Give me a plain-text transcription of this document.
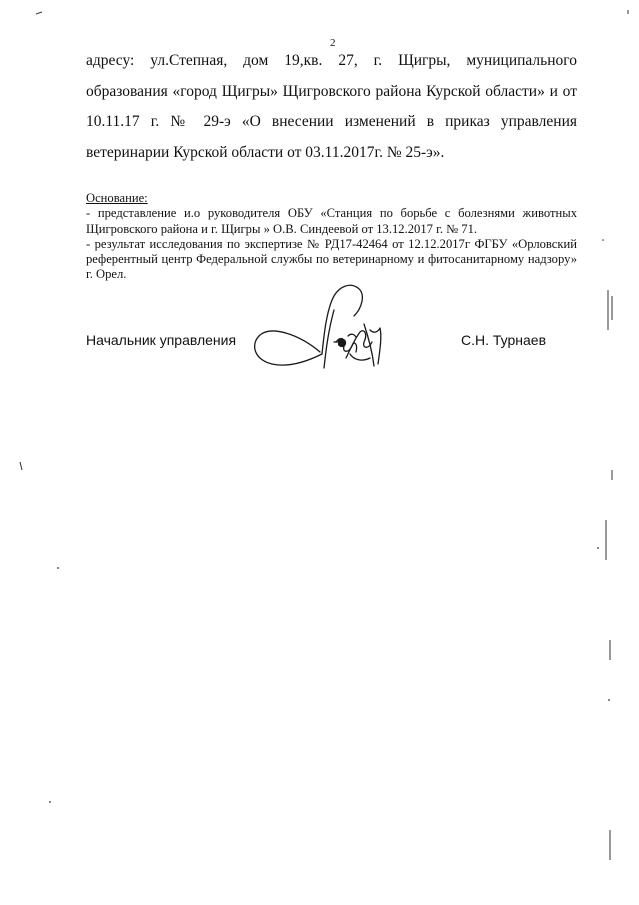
2
адресу: ул.Степная, дом 19,кв. 27, г. Щигры, муниципального образования «город Щигры» Щигровского района Курской области» и от 10.11.17 г. № 29-э «О внесении изменений в приказ управления ветеринарии Курской области от 03.11.2017г. № 25-э».
Основание:
- представление и.о руководителя ОБУ «Станция по борьбе с болезнями животных Щигровского района и г. Щигры » О.В. Синдеевой от 13.12.2017 г. № 71.
- результат исследования по экспертизе № РД17-42464 от 12.12.2017г ФГБУ «Орловский референтный центр Федеральной службы по ветеринарному и фитосанитарному надзору» г. Орел.
Начальник управления	С.Н. Турнаев
